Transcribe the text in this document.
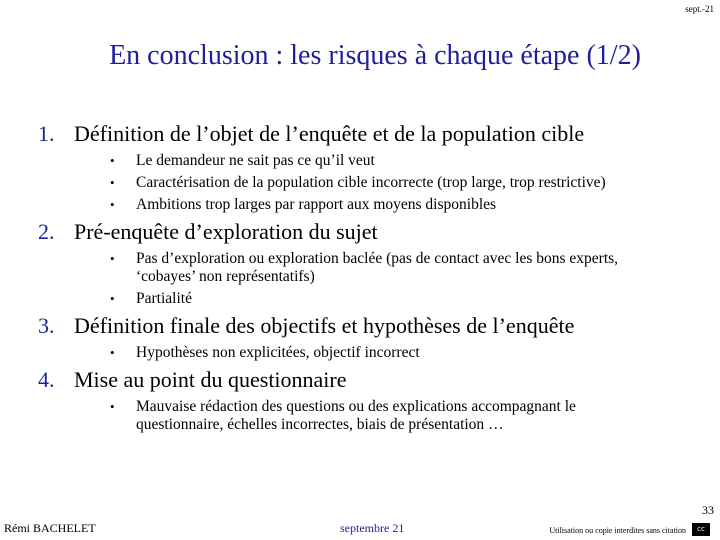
sept.-21
En conclusion : les risques à chaque étape (1/2)
1. Définition de l’objet de l’enquête et de la population cible
•	Le demandeur ne sait pas ce qu’il veut
•	Caractérisation de la population cible incorrecte (trop large, trop restrictive)
•	Ambitions trop larges par rapport aux moyens disponibles
2. Pré-enquête d’exploration du sujet
•	Pas d’exploration ou exploration baclée (pas de contact avec les bons experts, ‘cobayes’ non représentatifs)
•	Partialité
3. Définition finale des objectifs et hypothèses de l’enquête
•	Hypothèses non explicitées, objectif incorrect
4. Mise au point du questionnaire
•	Mauvaise rédaction des questions ou des explications accompagnant le questionnaire, échelles incorrectes, biais de présentation …
Rémi BACHELET	septembre 21
33
Utilisation ou copie interdites sans citation	cc
